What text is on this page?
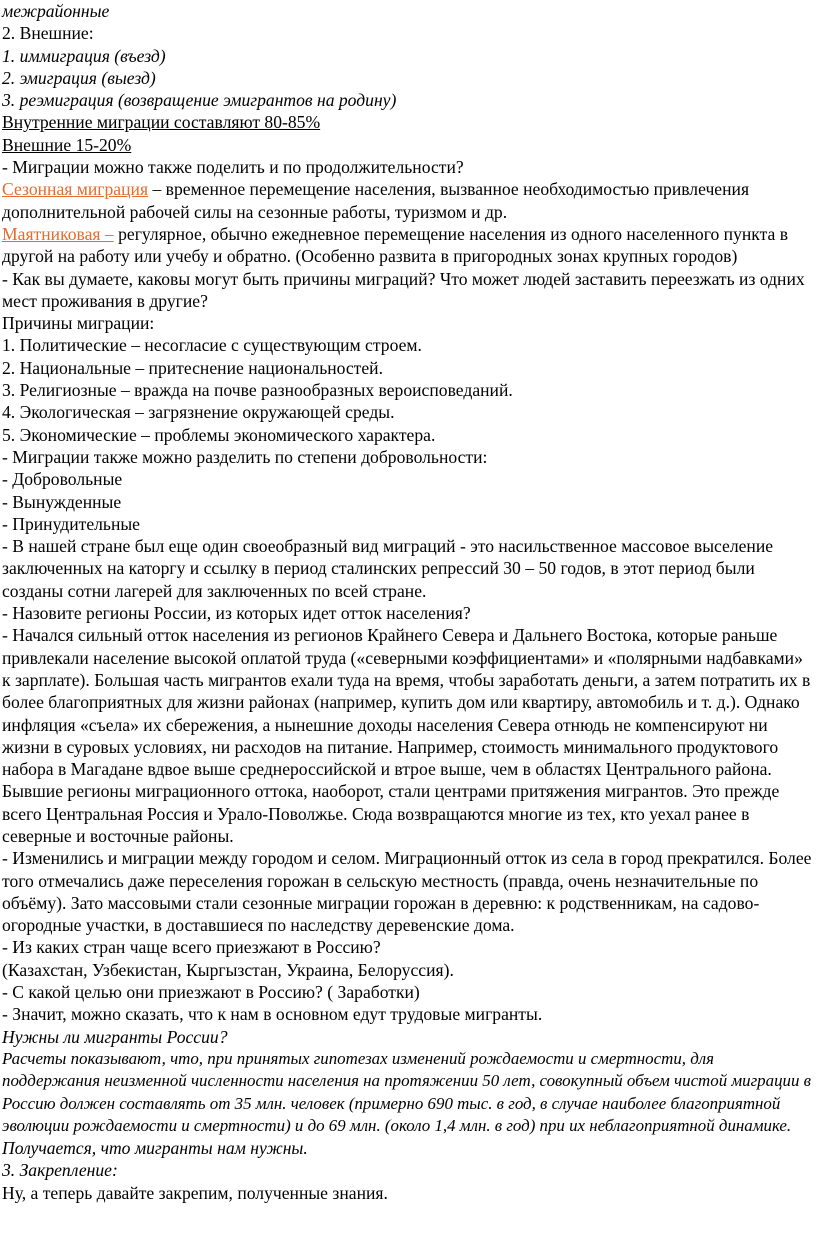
межрайонные

2. Внешние:

1. иммиграция (въезд)

2. эмиграция (выезд)

3. реэмиграция (возвращение эмигрантов на родину)

Внутренние миграции составляют 80-85%

Внешние 15-20%

- Миграции можно также поделить и по продолжительности?

Сезонная миграция – временное перемещение населения, вызванное необходимостью привлечения дополнительной рабочей силы на сезонные работы, туризмом и др.

Маятниковая – регулярное, обычно ежедневное перемещение населения из одного населенного пункта в другой на работу или учебу и обратно. (Особенно развита в пригородных зонах крупных городов)

- Как вы думаете, каковы могут быть причины миграций? Что может людей заставить переезжать из одних мест проживания в другие?

Причины миграции:

1. Политические – несогласие с существующим строем.

2. Национальные – притеснение национальностей.

3. Религиозные – вражда на почве разнообразных вероисповеданий.

4. Экологическая – загрязнение окружающей среды.

5. Экономические – проблемы экономического характера.

- Миграции также можно разделить по степени добровольности:

- Добровольные

- Вынужденные

- Принудительные

- В нашей стране был еще один своеобразный вид миграций - это насильственное массовое выселение заключенных на каторгу и ссылку в период сталинских репрессий 30 – 50 годов, в этот период были созданы сотни лагерей для заключенных по всей стране.

- Назовите регионы России, из которых идет отток населения?

- Начался сильный отток населения из регионов Крайнего Севера и Дальнего Востока, которые раньше привлекали население высокой оплатой труда («северными коэффициентами» и «полярными надбавками» к зарплате). Большая часть мигрантов ехали туда на время, чтобы заработать деньги, а затем потратить их в более благоприятных для жизни районах (например, купить дом или квартиру, автомобиль и т. д.). Однако инфляция «съела» их сбережения, а нынешние доходы населения Севера отнюдь не компенсируют ни жизни в суровых условиях, ни расходов на питание. Например, стоимость минимального продуктового набора в Магадане вдвое выше среднероссийской и втрое выше, чем в областях Центрального района.

Бывшие регионы миграционного оттока, наоборот, стали центрами притяжения мигрантов. Это прежде всего Центральная Россия и Урало-Поволжье. Сюда возвращаются многие из тех, кто уехал ранее в северные и восточные районы.

- Изменились и миграции между городом и селом. Миграционный отток из села в город прекратился. Более того отмечались даже переселения горожан в сельскую местность (правда, очень незначительные по объёму). Зато массовыми стали сезонные миграции горожан в деревню: к родственникам, на садово-огородные участки, в доставшиеся по наследству деревенские дома.

- Из каких стран чаще всего приезжают в Россию?

(Казахстан, Узбекистан, Кыргызстан, Украина, Белоруссия).

- С какой целью они приезжают в Россию? ( Заработки)

- Значит, можно сказать, что к нам в основном едут трудовые мигранты.

Нужны ли мигранты России?

Расчеты показывают, что, при принятых гипотезах изменений рождаемости и смертности, для поддержания неизменной численности населения на протяжении 50 лет, совокупный объем чистой миграции в Россию должен составлять от 35 млн. человек (примерно 690 тыс. в год, в случае наиболее благоприятной эволюции рождаемости и смертности) и до 69 млн. (около 1,4 млн. в год) при их неблагоприятной динамике.

Получается, что мигранты нам нужны.

3. Закрепление:

Ну, а теперь давайте закрепим, полученные знания.
